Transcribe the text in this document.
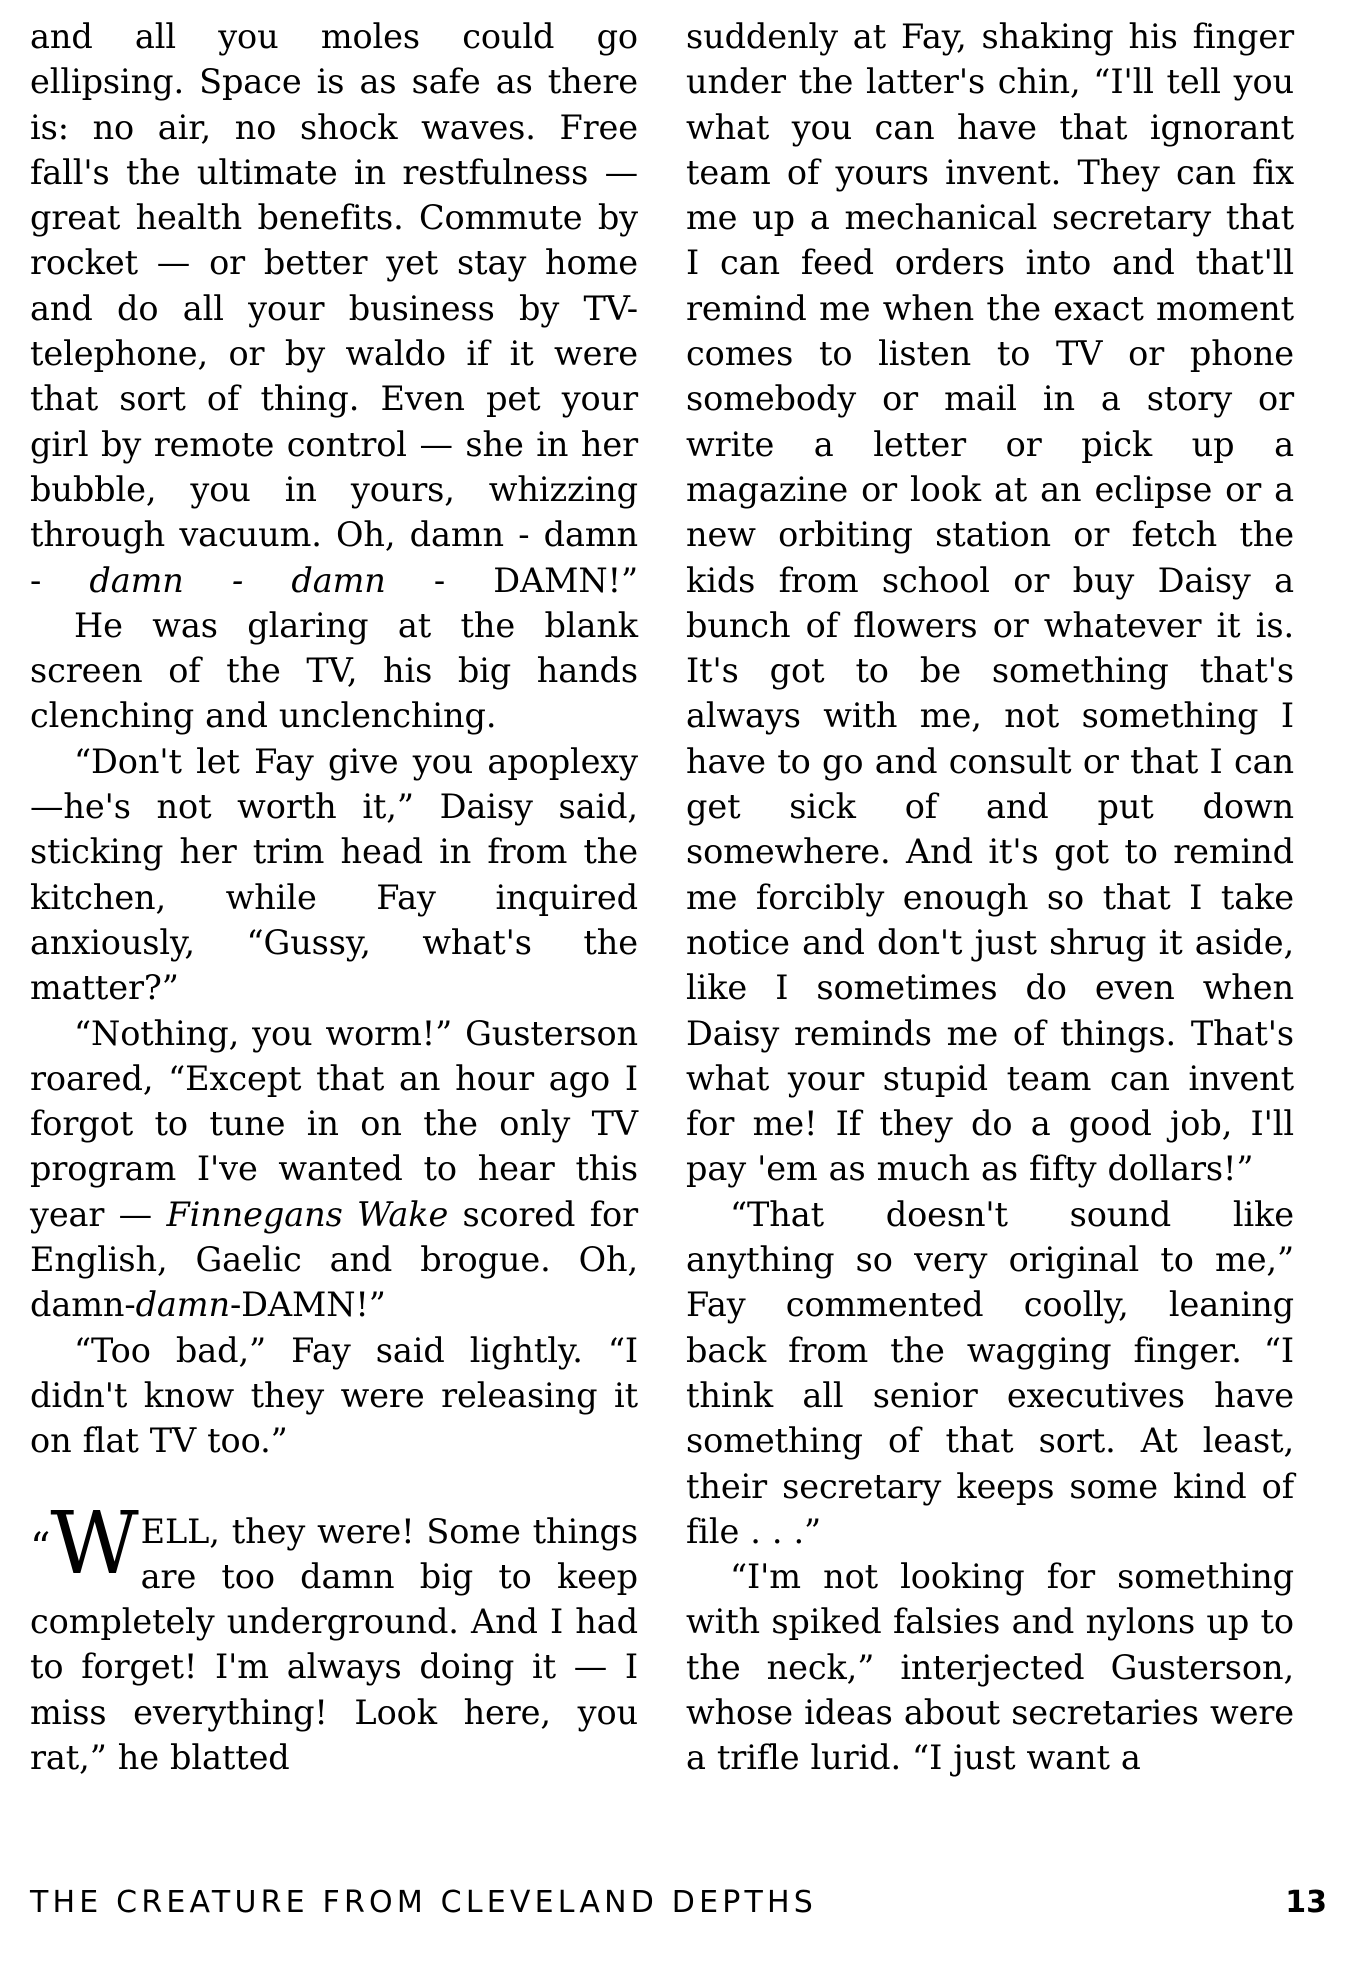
and all you moles could go ellipsing. Space is as safe as there is: no air, no shock waves. Free fall's the ultimate in restfulness — great health benefits. Commute by rocket — or better yet stay home and do all your business by TV-telephone, or by waldo if it were that sort of thing. Even pet your girl by remote control — she in her bubble, you in yours, whizzing through vacuum. Oh, damn - damn - damn - damn - DAMN!”

He was glaring at the blank screen of the TV, his big hands clenching and unclenching.

“Don't let Fay give you apoplexy—he's not worth it,” Daisy said, sticking her trim head in from the kitchen, while Fay inquired anxiously, “Gussy, what's the matter?”

“Nothing, you worm!” Gusterson roared, “Except that an hour ago I forgot to tune in on the only TV program I've wanted to hear this year — Finnegans Wake scored for English, Gaelic and brogue. Oh, damn-damn-DAMN!”

“Too bad,” Fay said lightly. “I didn't know they were releasing it on flat TV too.”

“W ELL, they were! Some things are too damn big to keep completely underground. And I had to forget! I'm always doing it — I miss everything! Look here, you rat,” he blatted

suddenly at Fay, shaking his finger under the latter's chin, “I'll tell you what you can have that ignorant team of yours invent. They can fix me up a mechanical secretary that I can feed orders into and that'll remind me when the exact moment comes to listen to TV or phone somebody or mail in a story or write a letter or pick up a magazine or look at an eclipse or a new orbiting station or fetch the kids from school or buy Daisy a bunch of flowers or whatever it is. It's got to be something that's always with me, not something I have to go and consult or that I can get sick of and put down somewhere. And it's got to remind me forcibly enough so that I take notice and don't just shrug it aside, like I sometimes do even when Daisy reminds me of things. That's what your stupid team can invent for me! If they do a good job, I'll pay 'em as much as fifty dollars!”

“That doesn't sound like anything so very original to me,” Fay commented coolly, leaning back from the wagging finger. “I think all senior executives have something of that sort. At least, their secretary keeps some kind of file . . .”

“I'm not looking for something with spiked falsies and nylons up to the neck,” interjected Gusterson, whose ideas about secretaries were a trifle lurid. “I just want a

THE CREATURE FROM CLEVELAND DEPTHS	13
